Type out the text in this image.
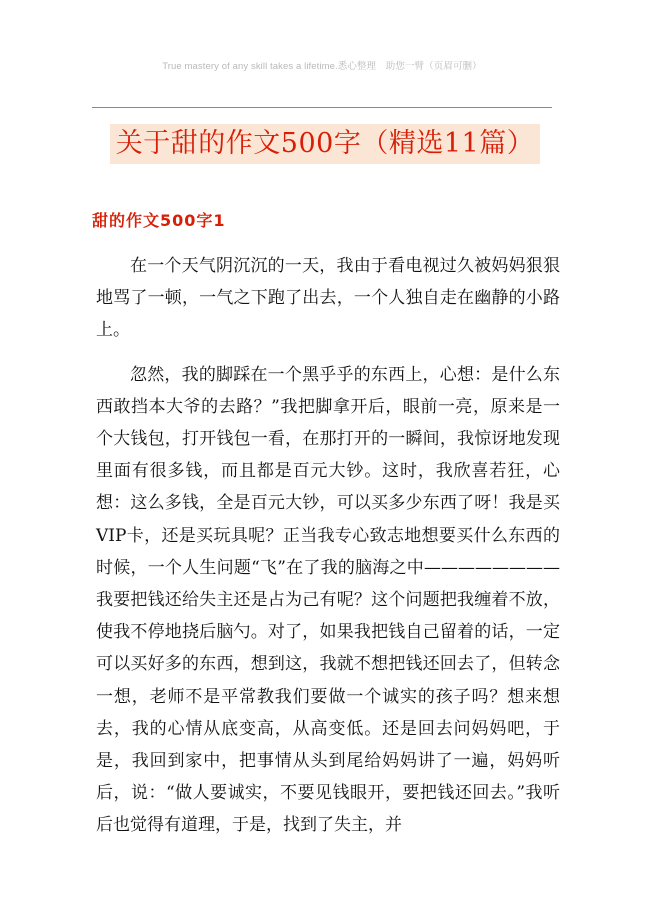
True mastery of any skill takes a lifetime.悉心整理　助您一臂（页眉可删）
关于甜的作文500字（精选11篇）
甜的作文500字1

在一个天气阴沉沉的一天，我由于看电视过久被妈妈狠狠地骂了一顿，一气之下跑了出去，一个人独自走在幽静的小路上。

忽然，我的脚踩在一个黑乎乎的东西上，心想：是什么东西敢挡本大爷的去路？”我把脚拿开后，眼前一亮，原来是一个大钱包，打开钱包一看，在那打开的一瞬间，我惊讶地发现里面有很多钱，而且都是百元大钞。这时，我欣喜若狂，心想：这么多钱，全是百元大钞，可以买多少东西了呀！我是买VIP卡，还是买玩具呢？正当我专心致志地想要买什么东西的时候，一个人生问题“飞”在了我的脑海之中————————我要把钱还给失主还是占为己有呢？这个问题把我缠着不放，使我不停地挠后脑勺。对了，如果我把钱自己留着的话，一定可以买好多的东西，想到这，我就不想把钱还回去了，但转念一想，老师不是平常教我们要做一个诚实的孩子吗？想来想去，我的心情从底变高，从高变低。还是回去问妈妈吧，于是，我回到家中，把事情从头到尾给妈妈讲了一遍，妈妈听后，说：“做人要诚实，不要见钱眼开，要把钱还回去。”我听后也觉得有道理，于是，找到了失主，并
